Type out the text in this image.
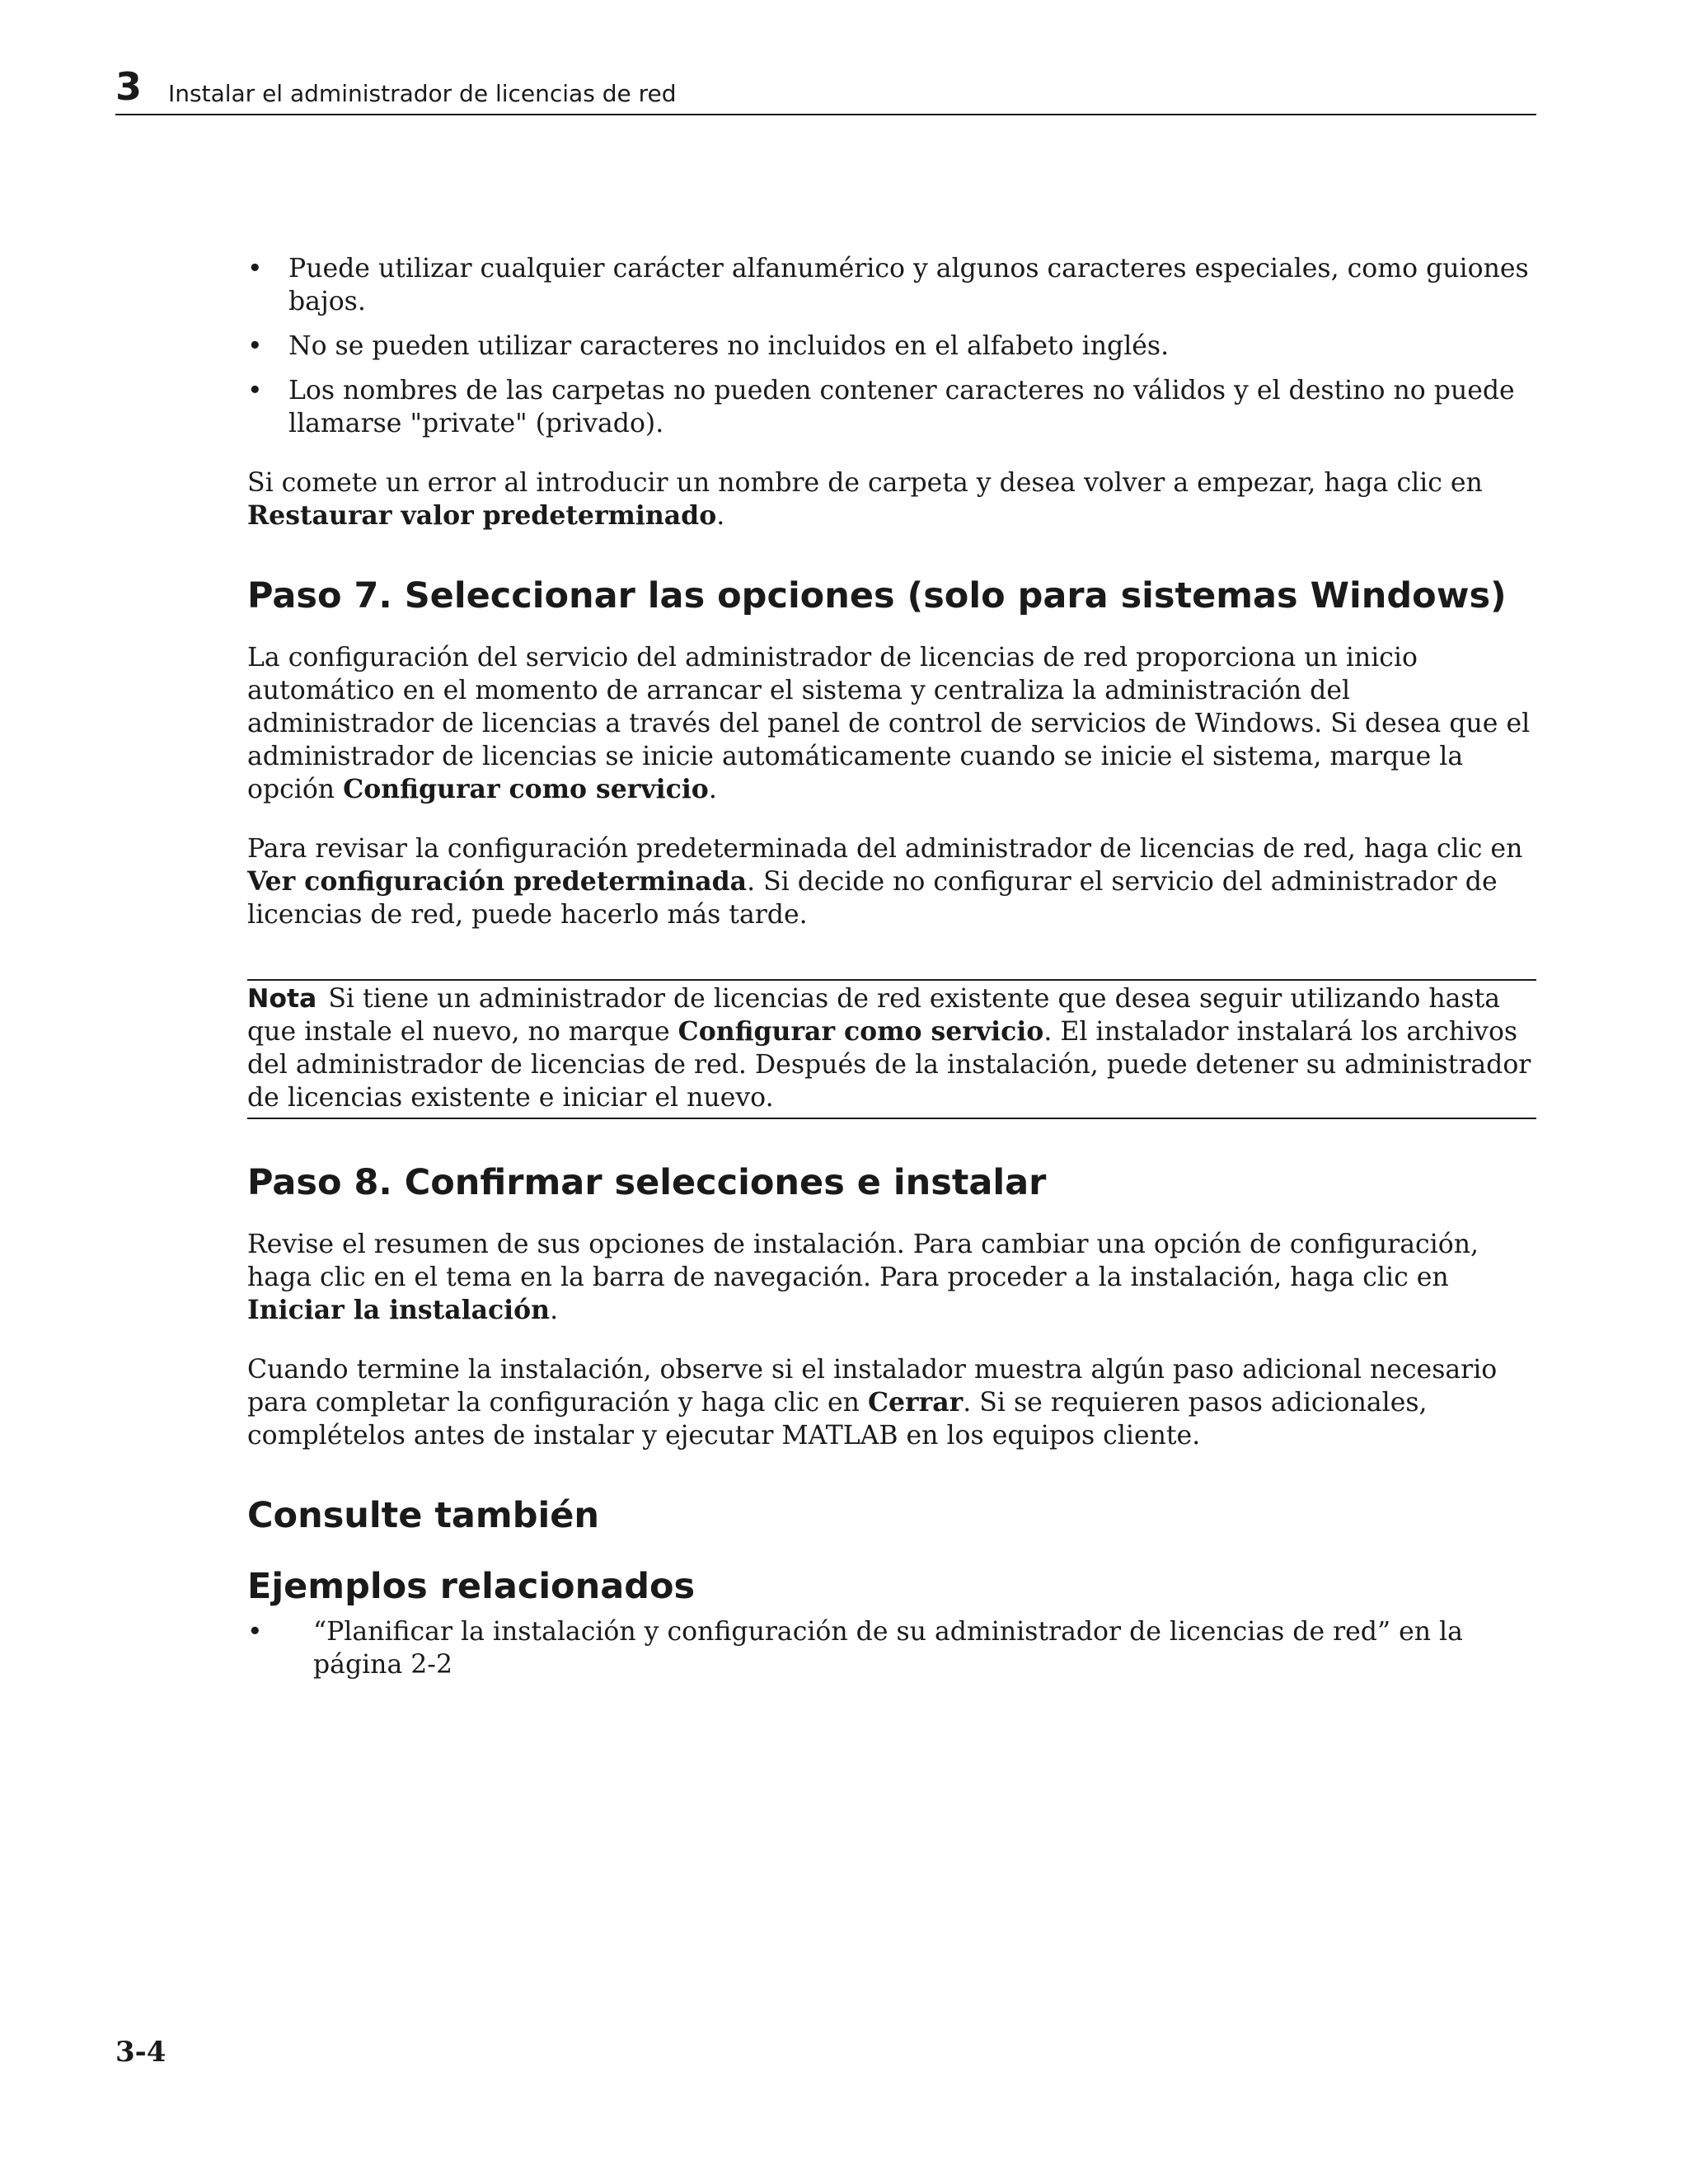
3 Instalar el administrador de licencias de red
• Puede utilizar cualquier carácter alfanumérico y algunos caracteres especiales, como guiones bajos.
• No se pueden utilizar caracteres no incluidos en el alfabeto inglés.
• Los nombres de las carpetas no pueden contener caracteres no válidos y el destino no puede llamarse "private" (privado).

Si comete un error al introducir un nombre de carpeta y desea volver a empezar, haga clic en Restaurar valor predeterminado.

Paso 7. Seleccionar las opciones (solo para sistemas Windows)

La configuración del servicio del administrador de licencias de red proporciona un inicio automático en el momento de arrancar el sistema y centraliza la administración del administrador de licencias a través del panel de control de servicios de Windows. Si desea que el administrador de licencias se inicie automáticamente cuando se inicie el sistema, marque la opción Configurar como servicio.

Para revisar la configuración predeterminada del administrador de licencias de red, haga clic en Ver configuración predeterminada. Si decide no configurar el servicio del administrador de licencias de red, puede hacerlo más tarde.

Nota Si tiene un administrador de licencias de red existente que desea seguir utilizando hasta que instale el nuevo, no marque Configurar como servicio. El instalador instalará los archivos del administrador de licencias de red. Después de la instalación, puede detener su administrador de licencias existente e iniciar el nuevo.

Paso 8. Confirmar selecciones e instalar

Revise el resumen de sus opciones de instalación. Para cambiar una opción de configuración, haga clic en el tema en la barra de navegación. Para proceder a la instalación, haga clic en Iniciar la instalación.

Cuando termine la instalación, observe si el instalador muestra algún paso adicional necesario para completar la configuración y haga clic en Cerrar. Si se requieren pasos adicionales, complételos antes de instalar y ejecutar MATLAB en los equipos cliente.

Consulte también
Ejemplos relacionados
• “Planificar la instalación y configuración de su administrador de licencias de red” en la página 2-2
3-4
